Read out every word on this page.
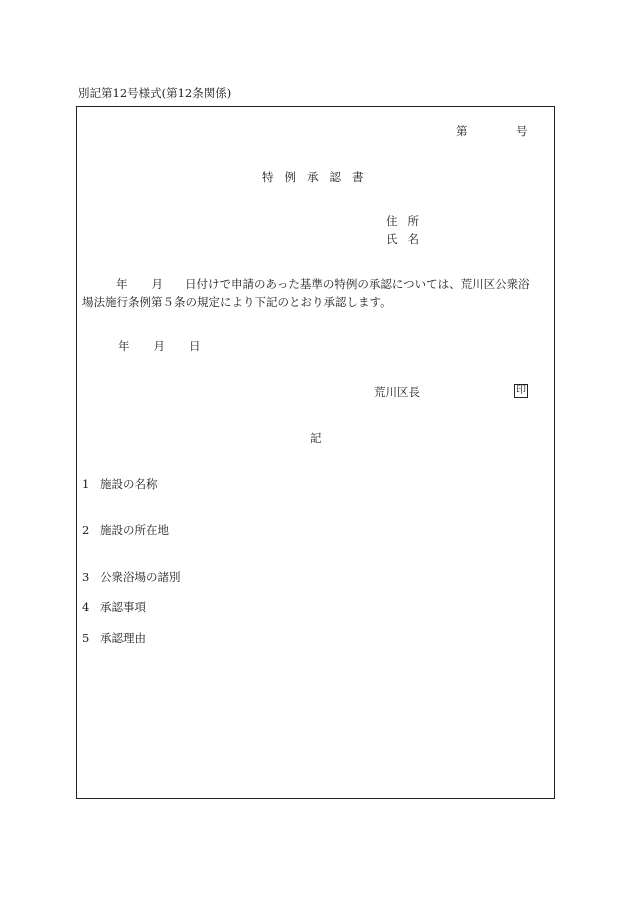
別記第12号様式(第12条関係)
第	号
特例承認書
住所
氏名
年 月 日付けで申請のあった基準の特例の承認については、荒川区公衆浴
場法施行条例第５条の規定により下記のとおり承認します。
年 月 日
荒川区長	印
記
1 施設の名称
2 施設の所在地
3 公衆浴場の諸別
4 承認事項
5 承認理由
